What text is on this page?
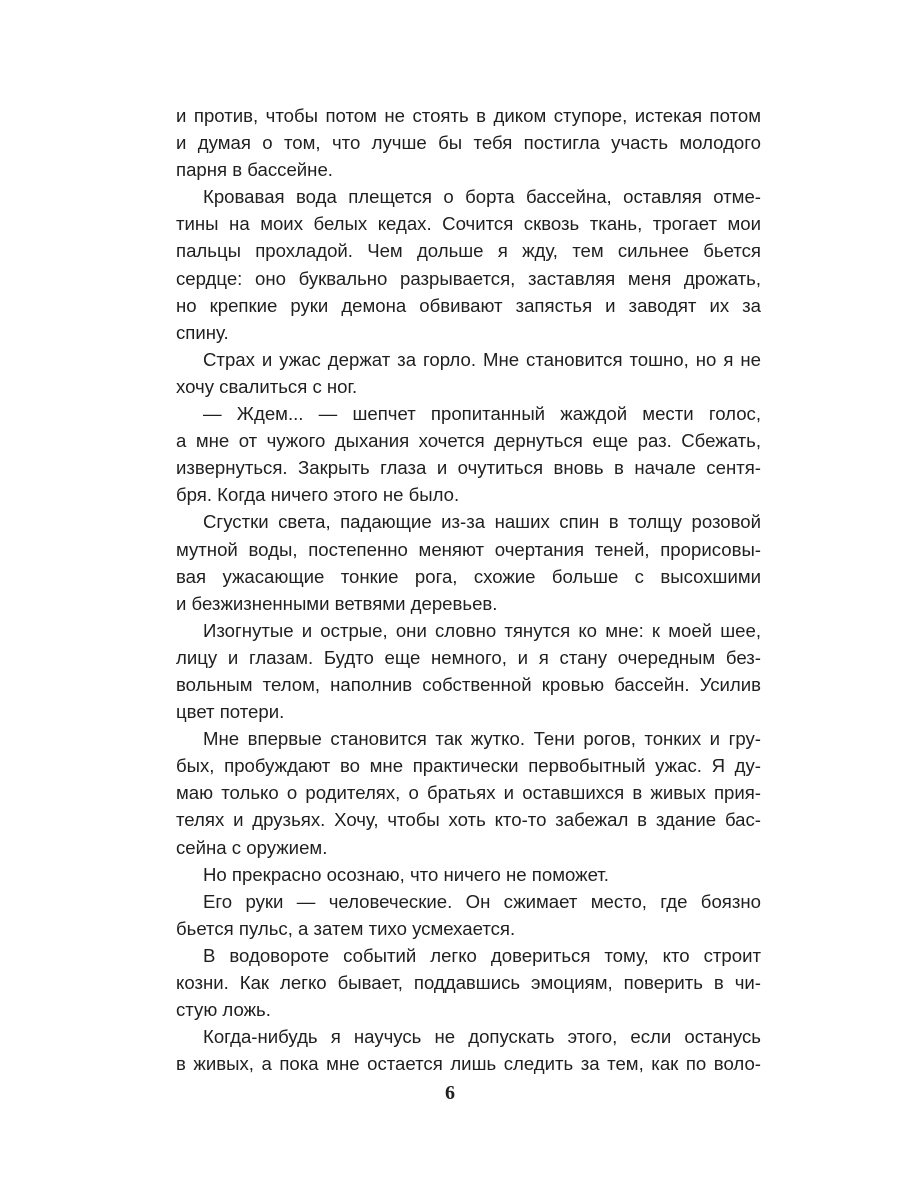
и против, чтобы потом не стоять в диком ступоре, истекая потом
и думая о том, что лучше бы тебя постигла участь молодого
парня в бассейне.
Кровавая вода плещется о борта бассейна, оставляя отме-
тины на моих белых кедах. Сочится сквозь ткань, трогает мои
пальцы прохладой. Чем дольше я жду, тем сильнее бьется
сердце: оно буквально разрывается, заставляя меня дрожать,
но крепкие руки демона обвивают запястья и заводят их за
спину.
Страх и ужас держат за горло. Мне становится тошно, но я не
хочу свалиться с ног.
— Ждем... — шепчет пропитанный жаждой мести голос,
а мне от чужого дыхания хочется дернуться еще раз. Сбежать,
извернуться. Закрыть глаза и очутиться вновь в начале сентя-
бря. Когда ничего этого не было.
Сгустки света, падающие из-за наших спин в толщу розовой
мутной воды, постепенно меняют очертания теней, прорисовы-
вая ужасающие тонкие рога, схожие больше с высохшими
и безжизненными ветвями деревьев.
Изогнутые и острые, они словно тянутся ко мне: к моей шее,
лицу и глазам. Будто еще немного, и я стану очередным без-
вольным телом, наполнив собственной кровью бассейн. Усилив
цвет потери.
Мне впервые становится так жутко. Тени рогов, тонких и гру-
бых, пробуждают во мне практически первобытный ужас. Я ду-
маю только о родителях, о братьях и оставшихся в живых прия-
телях и друзьях. Хочу, чтобы хоть кто-то забежал в здание бас-
сейна с оружием.
Но прекрасно осознаю, что ничего не поможет.
Его руки — человеческие. Он сжимает место, где боязно
бьется пульс, а затем тихо усмехается.
В водовороте событий легко довериться тому, кто строит
козни. Как легко бывает, поддавшись эмоциям, поверить в чи-
стую ложь.
Когда-нибудь я научусь не допускать этого, если останусь
в живых, а пока мне остается лишь следить за тем, как по воло-
6
